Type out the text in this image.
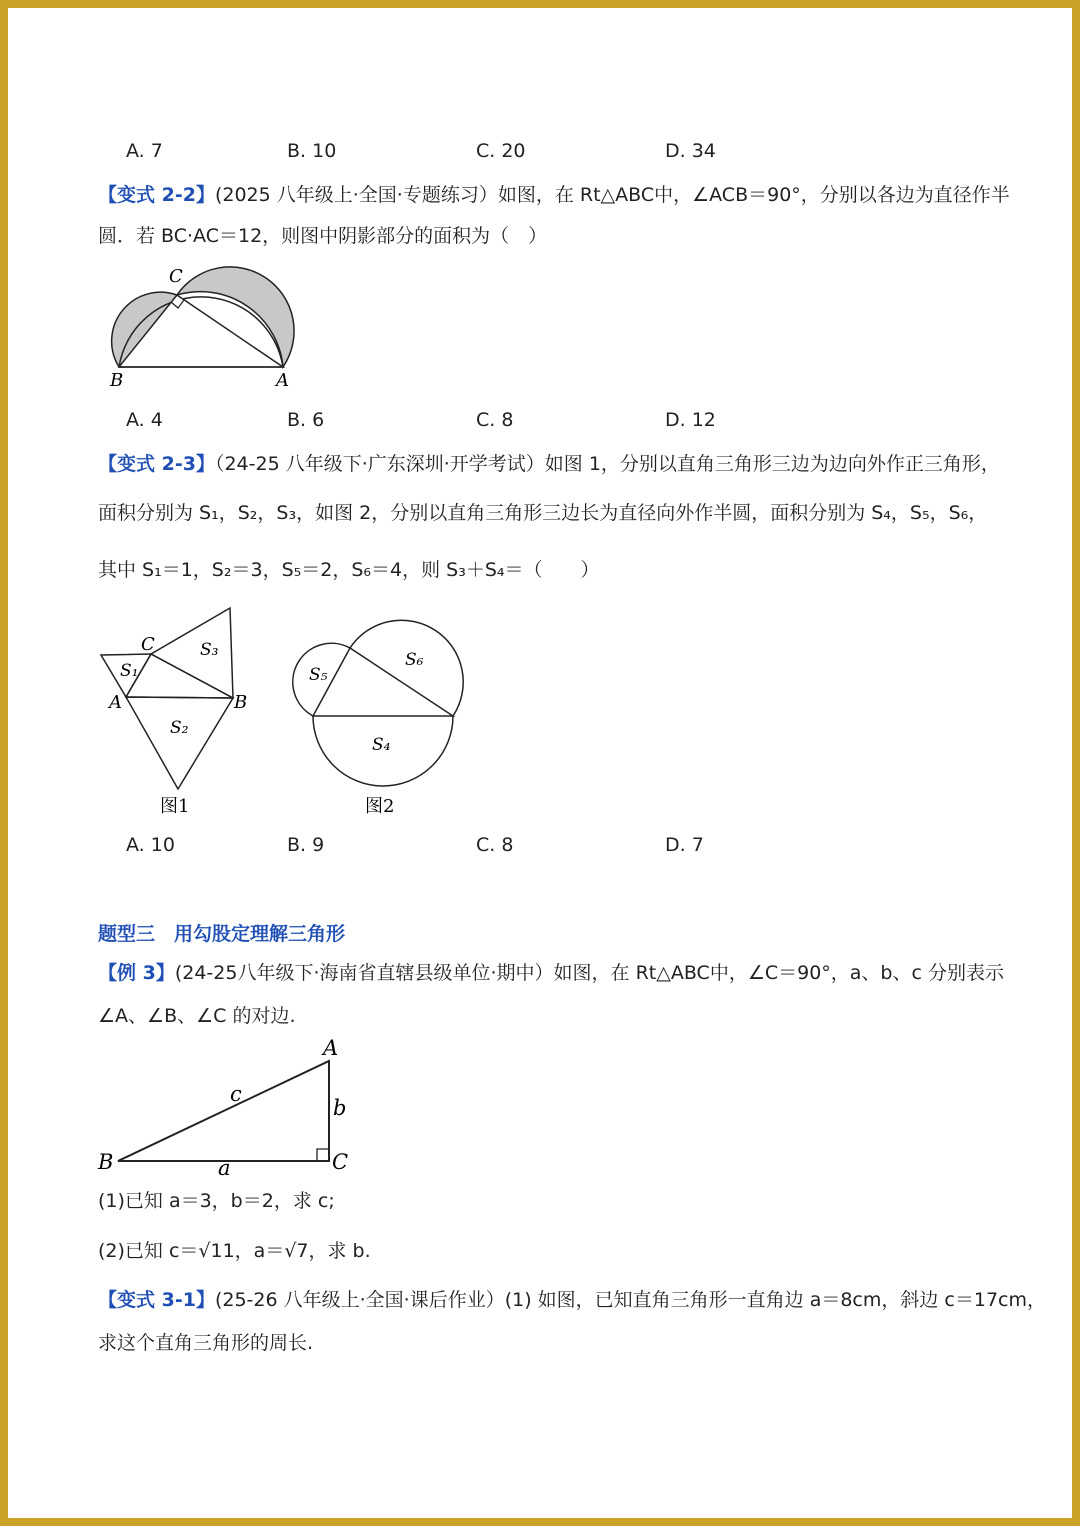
A. 7	B. 10	C. 20	D. 34
【变式 2-2】(2025 八年级上·全国·专题练习）如图，在 Rt△ABC中，∠ACB＝90°，分别以各边为直径作半
圆．若 BC·AC＝12，则图中阴影部分的面积为（　）
C
B	A
A. 4	B. 6	C. 8	D. 12
【变式 2-3】（24-25 八年级下·广东深圳·开学考试）如图 1，分别以直角三角形三边为边向外作正三角形，
面积分别为 S₁，S₂，S₃，如图 2，分别以直角三角形三边长为直径向外作半圆，面积分别为 S₄，S₅，S₆，
其中 S₁＝1，S₂＝3，S₅＝2，S₆＝4，则 S₃＋S₄＝（　　）
C
A	B
S₁
S₂
S₃
图1
S₅
S₆
S₄
图2
A. 10	B. 9	C. 8	D. 7
题型三　用勾股定理解三角形
【例 3】(24-25八年级下·海南省直辖县级单位·期中）如图，在 Rt△ABC中，∠C＝90°，a、b、c 分别表示
∠A、∠B、∠C 的对边.
A
B	C
a
b
c
(1)已知 a＝3，b＝2，求 c;
(2)已知 c＝√11，a＝√7，求 b.
【变式 3-1】(25-26 八年级上·全国·课后作业）(1) 如图，已知直角三角形一直角边 a＝8cm，斜边 c＝17cm，
求这个直角三角形的周长.
